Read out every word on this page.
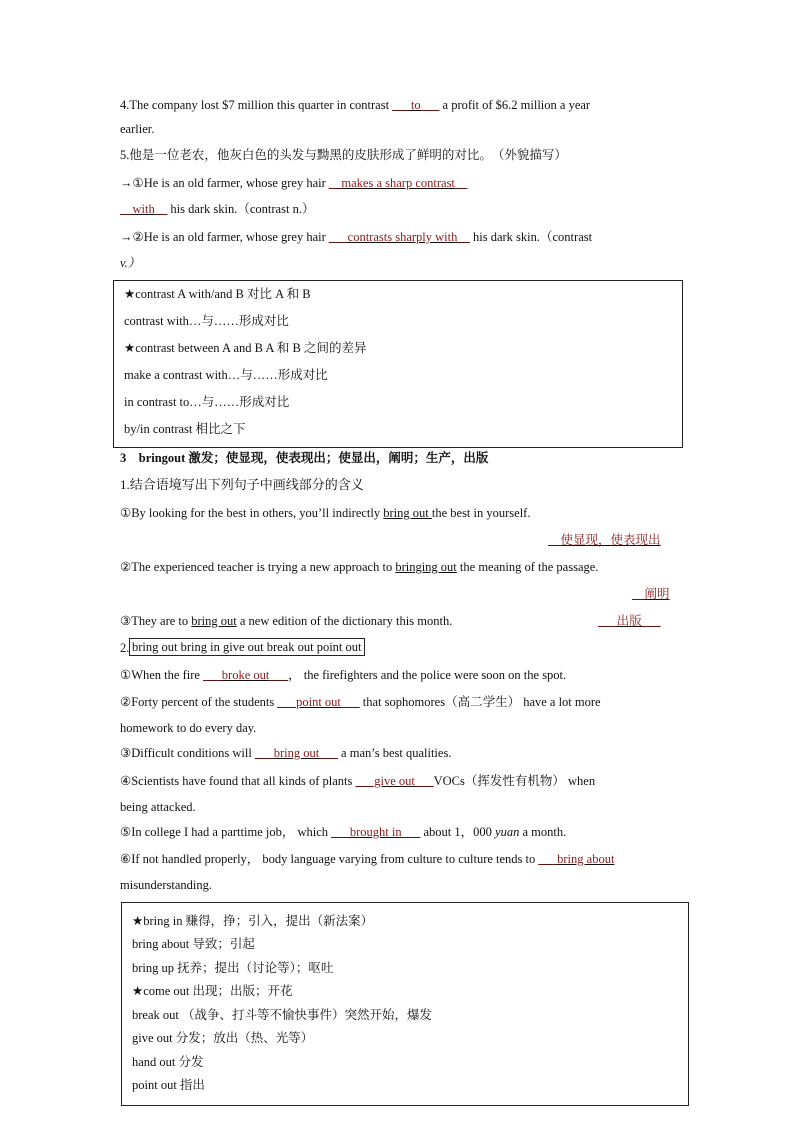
4.The company lost $7 million this quarter in contrast ___to___ a profit of $6.2 million a year
earlier.
5.他是一位老农，他灰白色的头发与黝黑的皮肤形成了鲜明的对比。　（外貌描写）
→①He is an old farmer, whose grey hair __makes a sharp contrast__
__with__ his dark skin.（contrast n.）
→②He is an old farmer, whose grey hair ___contrasts sharply with__ his dark skin.（contrast
v.）
★contrast A with/and B 对比 A 和 B
contrast with…与……形成对比
★contrast between A and B A 和 B 之间的差异
make a contrast with…与……形成对比
in contrast to…与……形成对比
by/in contrast 相比之下
3　bringout 激发；使显现，使表现出；使显出，阐明；生产，出版
1.结合语境写出下列句子中画线部分的含义
①By looking for the best in others, you’ll indirectly bring out the best in yourself.
__使显现，使表现出
②The experienced teacher is trying a new approach to bringing out the meaning of the passage.
__阐明
③They are to bring out a new edition of the dictionary this month.	___出版___
2. bring out bring in give out break out point out
①When the fire ___broke out___， the firefighters and the police were soon on the spot.
②Forty percent of the students ___point out___ that sophomores（高二学生） have a lot more
homework to do every day.
③Difficult conditions will ___bring out___ a man’s best qualities.
④Scientists have found that all kinds of plants ___give out___VOCs（挥发性有机物） when
being attacked.
⑤In college I had a parttime job， which ___brought in___ about 1，000 yuan a month.
⑥If not handled properly， body language varying from culture to culture tends to ___bring about
misunderstanding.
★bring in 赚得，挣；引入，提出（新法案）
bring about 导致；引起
bring up 抚养；提出（讨论等）；呕吐
★come out 出现；出版；开花
break out （战争、打斗等不愉快事件）突然开始，爆发
give out 分发；放出（热、光等）
hand out 分发
point out 指出
